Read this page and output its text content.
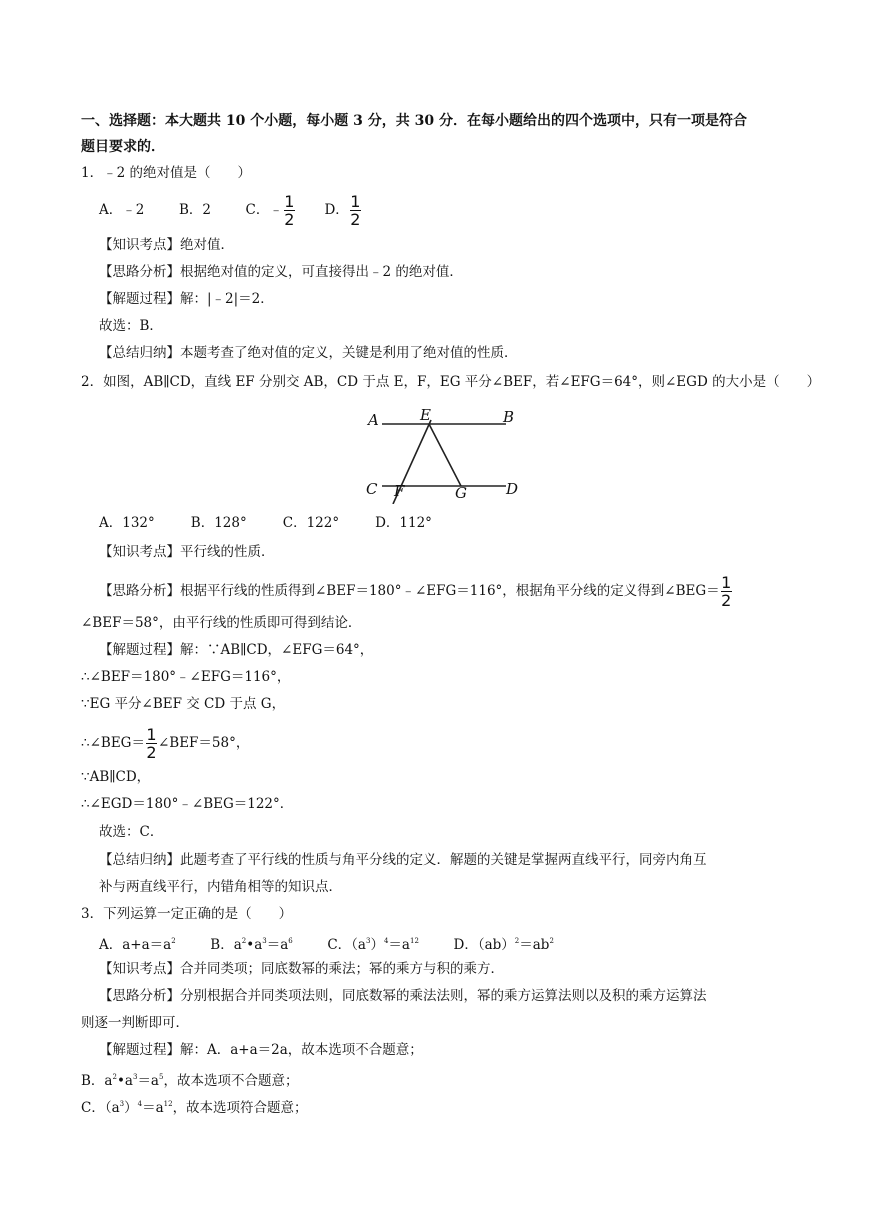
一、选择题：本大题共 10 个小题，每小题 3 分，共 30 分．在每小题给出的四个选项中，只有一项是符合
题目要求的．
1．﹣2 的绝对值是（　　）
A．﹣2	B．2	C．﹣ $\frac{1}{2}$ D． $\frac{1}{2}$
【知识考点】绝对值．
【思路分析】根据绝对值的定义，可直接得出﹣2 的绝对值．
【解题过程】解：|﹣2|＝2．
故选：B．
【总结归纳】本题考查了绝对值的定义，关键是利用了绝对值的性质．
2．如图，AB∥CD，直线 EF 分别交 AB，CD 于点 E，F，EG 平分∠BEF，若∠EFG＝64°，则∠EGD 的大小是（　　）
A	B
E
C F	G	D
A．132°	B．128°	C．122°	D．112°
【知识考点】平行线的性质．
【思路分析】根据平行线的性质得到∠BEF＝180°﹣∠EFG＝116°，根据角平分线的定义得到∠BEG＝ $\frac{1}{2}$
∠BEF＝58°，由平行线的性质即可得到结论．
【解题过程】解：∵AB∥CD，∠EFG＝64°，
∴∠BEF＝180°﹣∠EFG＝116°，
∵EG 平分∠BEF 交 CD 于点 G，
∴∠BEG＝ $\frac{1}{2}$ ∠BEF＝58°，
∵AB∥CD，
∴∠EGD＝180°﹣∠BEG＝122°．
故选：C．
【总结归纳】此题考查了平行线的性质与角平分线的定义．解题的关键是掌握两直线平行，同旁内角互
补与两直线平行，内错角相等的知识点．
3．下列运算一定正确的是（　　）
A．$a+a=a^2$	B．$a^2•a^3=a^6$	C．$(a^3)^4=a^{12}$	D．$(ab)^2=ab^2$
【知识考点】合并同类项；同底数幂的乘法；幂的乘方与积的乘方．
【思路分析】分别根据合并同类项法则，同底数幂的乘法法则，幂的乘方运算法则以及积的乘方运算法
则逐一判断即可．
【解题过程】解：A．a+a＝2a，故本选项不合题意；
B．$a^2•a^3=a^5$，故本选项不合题意；
C．$(a^3)^4=a^{12}$，故本选项符合题意；
